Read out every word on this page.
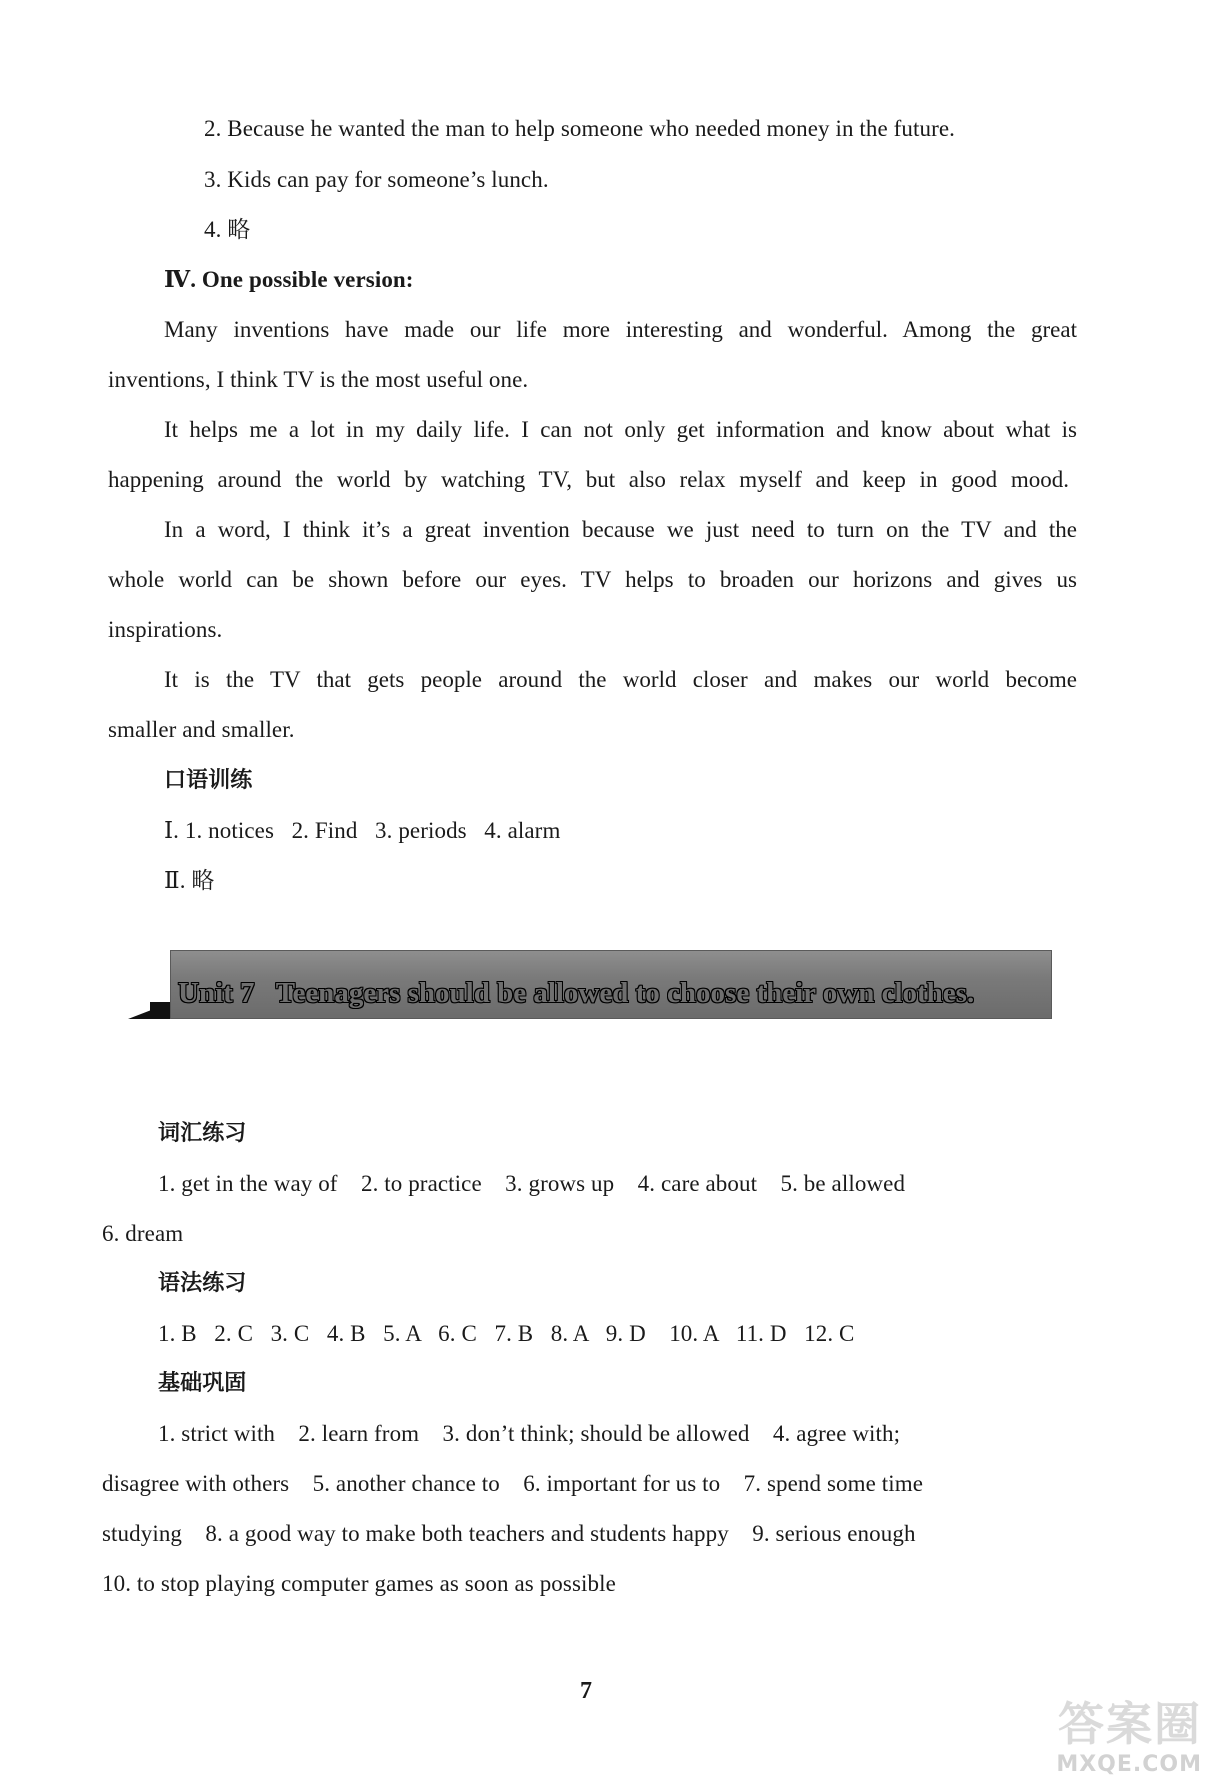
2. Because he wanted the man to help someone who needed money in the future.
3. Kids can pay for someone’s lunch.
4. 略
Ⅳ. One possible version:
Many inventions have made our life more interesting and wonderful. Among the great
inventions, I think TV is the most useful one.
It helps me a lot in my daily life. I can not only get information and know about what is
happening around the world by watching TV, but also relax myself and keep in good mood.
In a word, I think it’s a great invention because we just need to turn on the TV and the
whole world can be shown before our eyes. TV helps to broaden our horizons and gives us
inspirations.
It is the TV that gets people around the world closer and makes our world become
smaller and smaller.
口语训练
Ⅰ. 1. notices   2. Find   3. periods   4. alarm
Ⅱ. 略
Unit 7   Teenagers should be allowed to choose their own clothes.
词汇练习
1. get in the way of    2. to practice    3. grows up    4. care about    5. be allowed
6. dream
语法练习
1. B   2. C   3. C   4. B   5. A   6. C   7. B   8. A   9. D    10. A   11. D   12. C
基础巩固
1. strict with    2. learn from    3. don’t think; should be allowed    4. agree with;
disagree with others    5. another chance to    6. important for us to    7. spend some time
studying    8. a good way to make both teachers and students happy    9. serious enough
10. to stop playing computer games as soon as possible
7
答案圈
MXQE.COM
